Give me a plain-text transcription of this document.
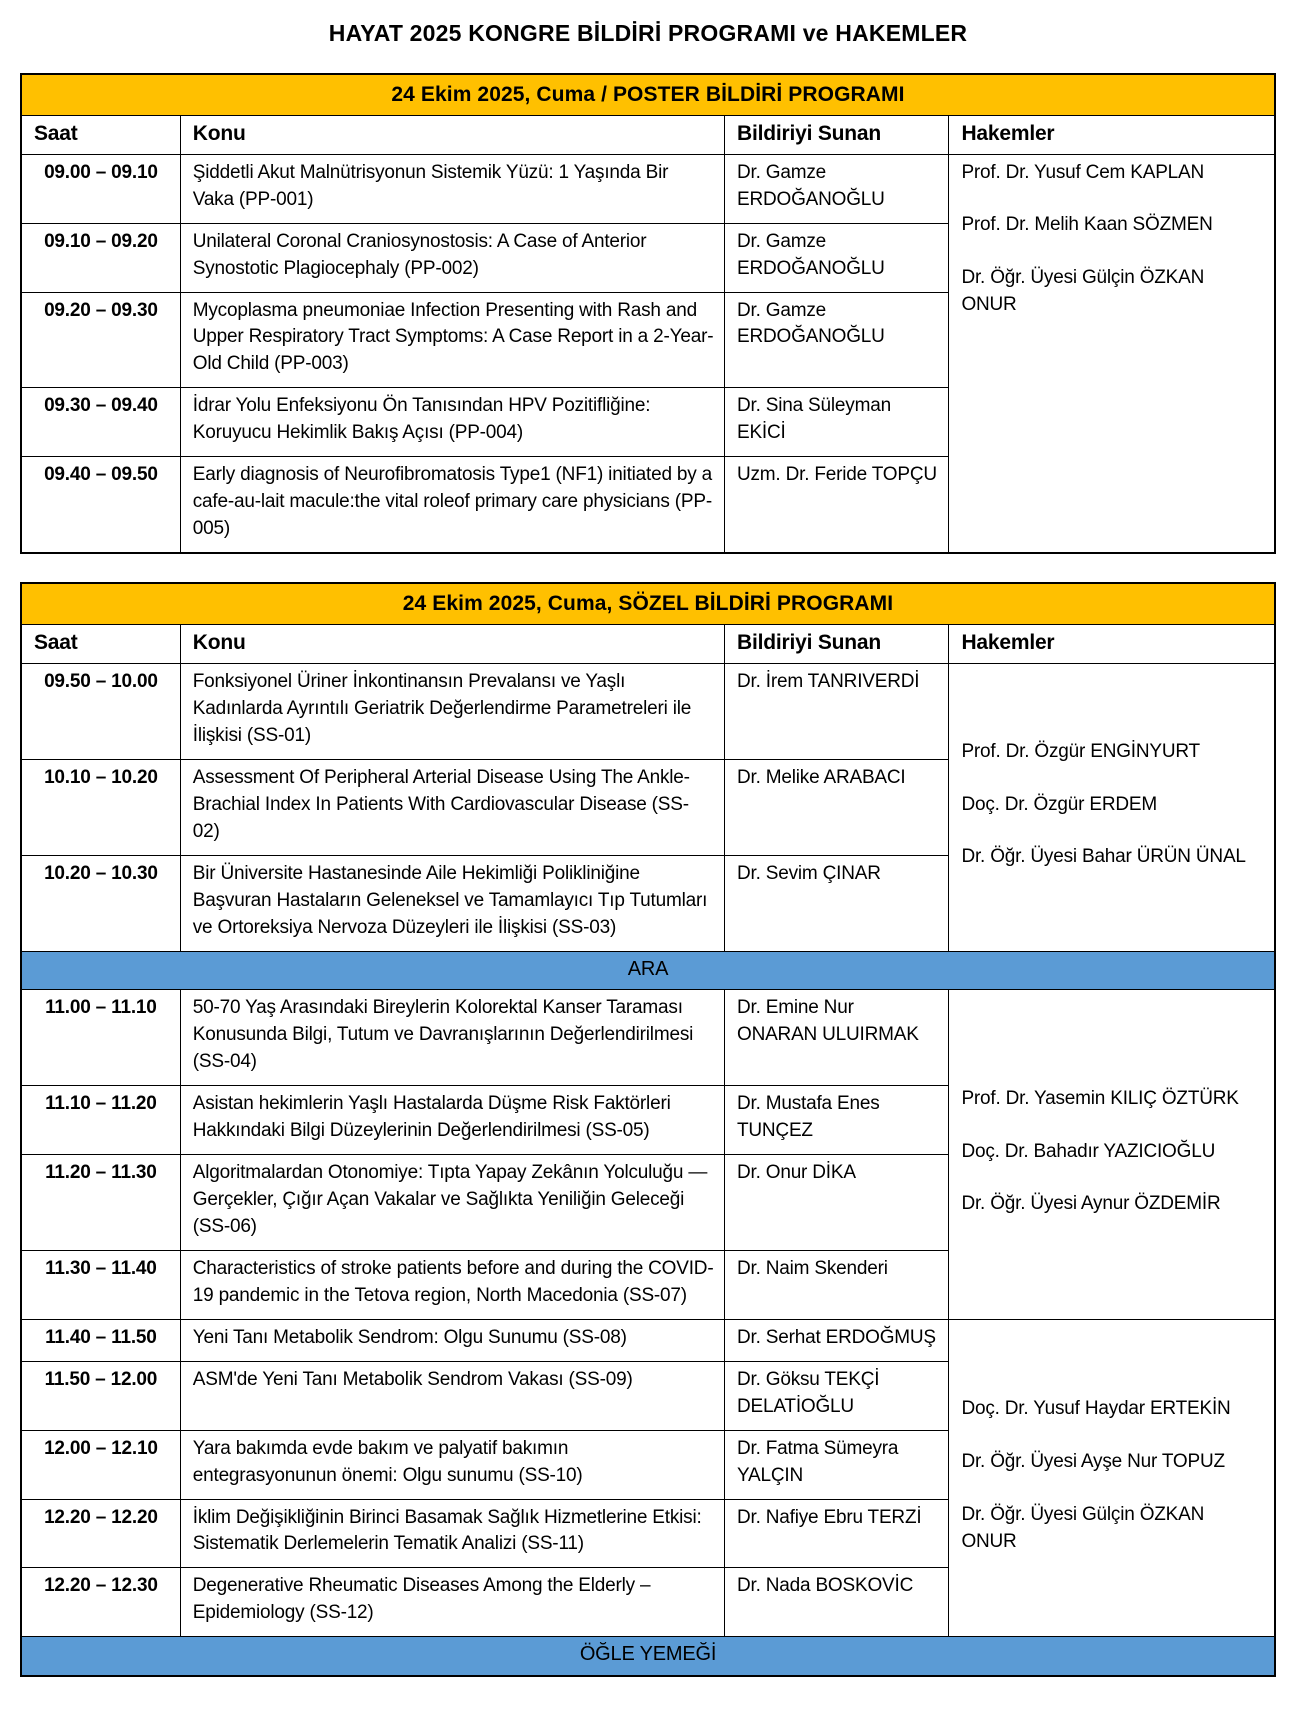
HAYAT 2025 KONGRE BİLDİRİ PROGRAMI ve HAKEMLER
24 Ekim 2025, Cuma / POSTER BİLDİRİ PROGRAMI			
Saat	Konu	Bildiriyi Sunan	Hakemler
09.00 – 09.10	Şiddetli Akut Malnütrisyonun Sistemik Yüzü: 1 Yaşında Bir Vaka (PP-001)	Dr. Gamze ERDOĞANOĞLU	Prof. Dr. Yusuf Cem KAPLAN
Prof. Dr. Melih Kaan SÖZMEN
Dr. Öğr. Üyesi Gülçin ÖZKAN ONUR

09.10 – 09.20	Unilateral Coronal Craniosynostosis: A Case of Anterior Synostotic Plagiocephaly (PP-002)	Dr. Gamze ERDOĞANOĞLU	
09.20 – 09.30	Mycoplasma pneumoniae Infection Presenting with Rash and Upper Respiratory Tract Symptoms: A Case Report in a 2-Year-Old Child (PP-003)	Dr. Gamze ERDOĞANOĞLU	
09.30 – 09.40	İdrar Yolu Enfeksiyonu Ön Tanısından HPV Pozitifliğine: Koruyucu Hekimlik Bakış Açısı (PP-004)	Dr. Sina Süleyman EKİCİ	
09.40 – 09.50	Early diagnosis of Neurofibromatosis Type1 (NF1) initiated by a cafe-au-lait macule:the vital roleof primary care physicians (PP-005)	Uzm. Dr. Feride TOPÇU	
24 Ekim 2025, Cuma, SÖZEL BİLDİRİ PROGRAMI			
Saat	Konu	Bildiriyi Sunan	Hakemler
09.50 – 10.00	Fonksiyonel Üriner İnkontinansın Prevalansı ve Yaşlı Kadınlarda Ayrıntılı Geriatrik Değerlendirme Parametreleri ile İlişkisi (SS-01)	Dr. İrem TANRIVERDİ	Prof. Dr. Özgür ENGİNYURT
Doç. Dr. Özgür ERDEM
Dr. Öğr. Üyesi Bahar ÜRÜN ÜNAL

10.10 – 10.20	Assessment Of Peripheral Arterial Disease Using The Ankle-Brachial Index In Patients With Cardiovascular Disease (SS-02)	Dr. Melike ARABACI	
10.20 – 10.30	Bir Üniversite Hastanesinde Aile Hekimliği Polikliniğine Başvuran Hastaların Geleneksel ve Tamamlayıcı Tıp Tutumları ve Ortoreksiya Nervoza Düzeyleri ile İlişkisi (SS-03)	Dr. Sevim ÇINAR	
ARA			
11.00 – 11.10	50-70 Yaş Arasındaki Bireylerin Kolorektal Kanser Taraması Konusunda Bilgi, Tutum ve Davranışlarının Değerlendirilmesi (SS-04)	Dr. Emine Nur ONARAN ULUIRMAK	Prof. Dr. Yasemin KILIÇ ÖZTÜRK
Doç. Dr. Bahadır YAZICIOĞLU
Dr. Öğr. Üyesi Aynur ÖZDEMİR

11.10 – 11.20	Asistan hekimlerin Yaşlı Hastalarda Düşme Risk Faktörleri Hakkındaki Bilgi Düzeylerinin Değerlendirilmesi (SS-05)	Dr. Mustafa Enes TUNÇEZ	
11.20 – 11.30	Algoritmalardan Otonomiye: Tıpta Yapay Zekânın Yolculuğu — Gerçekler, Çığır Açan Vakalar ve Sağlıkta Yeniliğin Geleceği (SS-06)	Dr. Onur DİKA	
11.30 – 11.40	Characteristics of stroke patients before and during the COVID-19 pandemic in the Tetova region, North Macedonia (SS-07)	Dr. Naim Skenderi	
11.40 – 11.50	Yeni Tanı Metabolik Sendrom: Olgu Sunumu (SS-08)	Dr. Serhat ERDOĞMUŞ	Doç. Dr. Yusuf Haydar ERTEKİN
Dr. Öğr. Üyesi Ayşe Nur TOPUZ
Dr. Öğr. Üyesi Gülçin ÖZKAN ONUR

11.50 – 12.00	ASM'de Yeni Tanı Metabolik Sendrom Vakası (SS-09)	Dr. Göksu TEKÇİ DELATİOĞLU	
12.00 – 12.10	Yara bakımda evde bakım ve palyatif bakımın entegrasyonunun önemi: Olgu sunumu (SS-10)	Dr. Fatma Sümeyra YALÇIN	
12.20 – 12.20	İklim Değişikliğinin Birinci Basamak Sağlık Hizmetlerine Etkisi: Sistematik Derlemelerin Tematik Analizi (SS-11)	Dr. Nafiye Ebru TERZİ	
12.20 – 12.30	Degenerative Rheumatic Diseases Among the Elderly – Epidemiology (SS-12)	Dr. Nada BOSKOVİC	
ÖĞLE YEMEĞİ			
